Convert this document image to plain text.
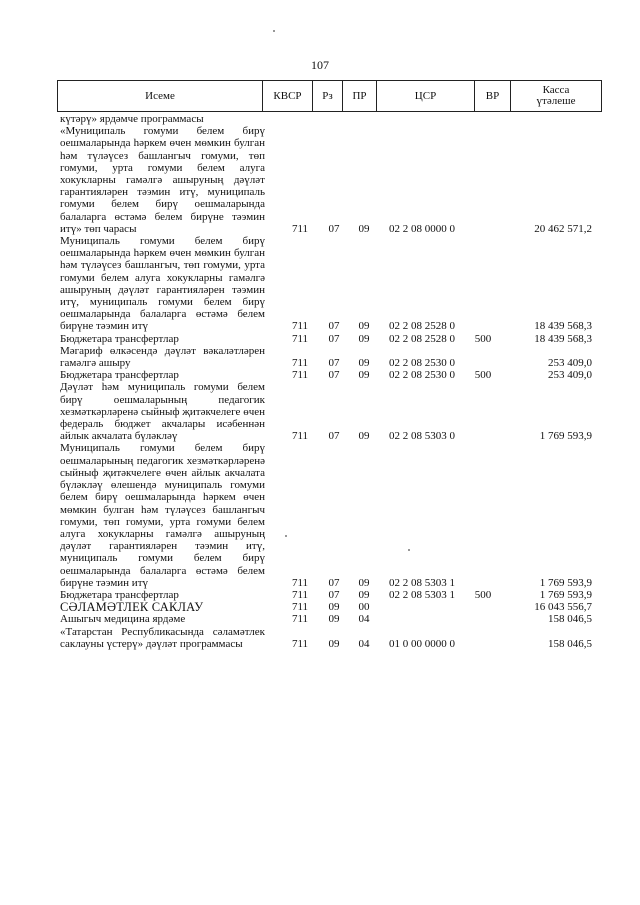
107
Исеме	КВСР Рз ПР	ЦСР	ВР	Касса
үтәлеше
күтәрү» ярдәмче программасы
«Муниципаль гомуми белем бирү оешмаларында һәркем өчен мөмкин булган һәм түләүсез башлангыч гомуми, төп гомуми, урта гомуми белем алуга хокукларны гамәлгә ашыруның дәүләт гарантияләрен тәэмин итү, муниципаль гомуми белем бирү оешмаларында балаларга өстәмә белем бирүне тәэмин итү» төп чарасы	711	07	09	02 2 08 0000 0	20 462 571,2
Муниципаль гомуми белем бирү оешмаларында һәркем өчен мөмкин булган һәм түләүсез башлангыч, төп гомуми, урта гомуми белем алуга хокукларны гамәлгә ашыруның дәүләт гарантияләрен тәэмин итү, муниципаль гомуми белем бирү оешмаларында балаларга өстәмә белем бирүне тәэмин итү	711	07	09	02 2 08 2528 0	18 439 568,3
Бюджетара трансфертлар	711	07	09	02 2 08 2528 0	500	18 439 568,3
Мәгариф өлкәсендә дәүләт вәкаләтләрен гамәлгә ашыру	711	07	09	02 2 08 2530 0	253 409,0
Бюджетара трансфертлар	711	07	09	02 2 08 2530 0	500	253 409,0
Дәүләт һәм муниципаль гомуми белем бирү оешмаларының педагогик хезмәткәрләренә сыйныф җитәкчелеге өчен федераль бюджет акчалары исәбеннән айлык акчалата бүләкләү	711	07	09	02 2 08 5303 0	1 769 593,9
Муниципаль гомуми белем бирү оешмаларының педагогик хезмәткәрләренә сыйныф җитәкчелеге өчен айлык акчалата бүләкләү өлешендә муниципаль гомуми белем бирү оешмаларында һәркем өчен мөмкин булган һәм түләүсез башлангыч гомуми, төп гомуми, урта гомуми белем алуга хокукларны гамәлгә ашыруның дәүләт гарантияләрен тәэмин итү, муниципаль гомуми белем бирү оешмаларында балаларга өстәмә белем бирүне тәэмин итү	711	07	09	02 2 08 5303 1	1 769 593,9
Бюджетара трансфертлар	711	07	09	02 2 08 5303 1	500	1 769 593,9
СӘЛАМӘТЛЕК САКЛАУ	711	09	00	16 043 556,7
Ашыгыч медицина ярдәме	711	09	04	158 046,5
«Татарстан Республикасында сәламәтлек саклауны үстерү» дәүләт программасы	711	09	04	01 0 00 0000 0	158 046,5
